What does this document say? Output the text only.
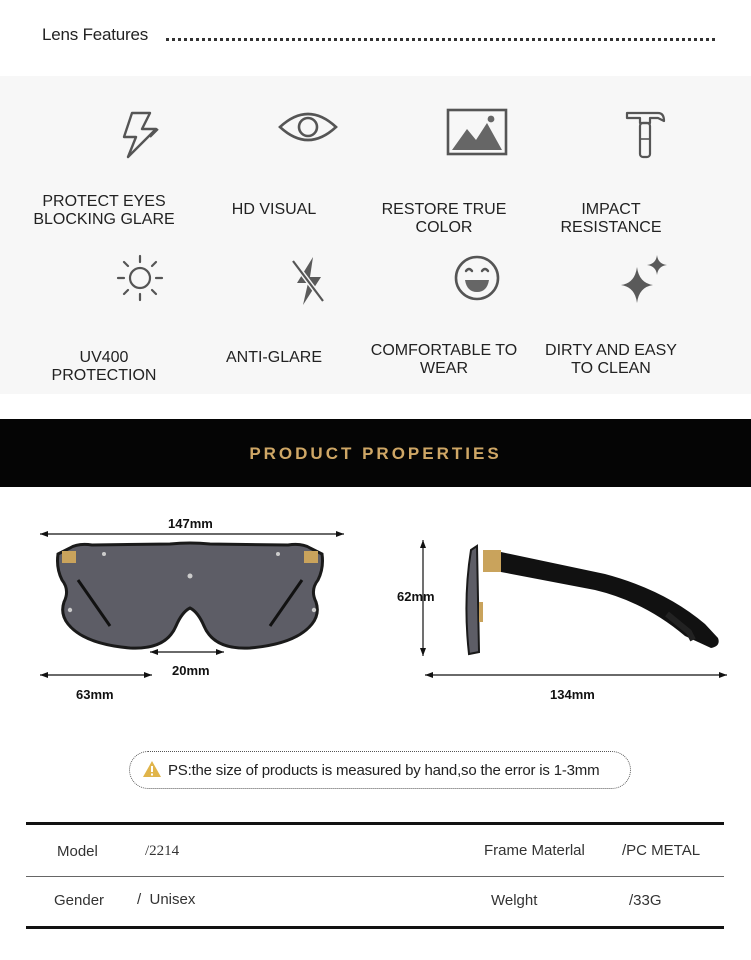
Lens Features
PROTECT EYES BLOCKING GLARE
HD VISUAL	RESTORE TRUE COLOR
IMPACT RESISTANCE
UV400 PROTECTION
ANTI-GLARE	COMFORTABLE TO WEAR
DIRTY AND EASY TO CLEAN
PRODUCT PROPERTIES
147mm
20mm
63mm
62mm
134mm
PS:the size of products is measured by hand,so the error is 1-3mm
Model	/2214	Frame Materlal /PC METAL
Gender /  Unisex	Welght	/33G
